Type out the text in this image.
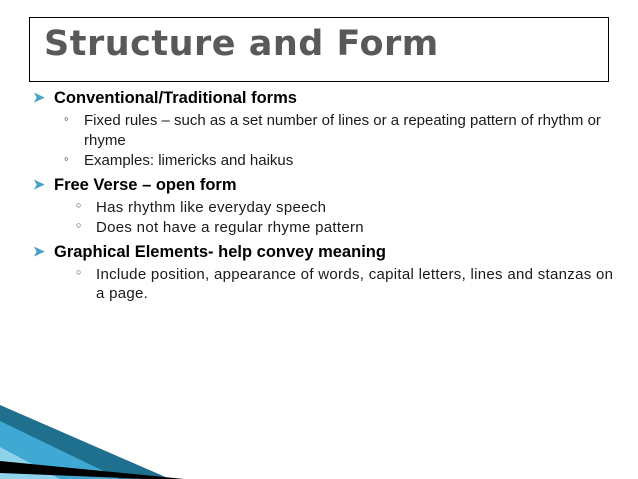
Structure and Form
➤ Conventional/Traditional forms
◦ Fixed rules – such as a set number of lines or a repeating pattern of rhythm or rhyme
◦ Examples: limericks and haikus
➤ Free Verse – open form
○ Has rhythm like everyday speech
○ Does not have a regular rhyme pattern
➤ Graphical Elements- help convey meaning
○ Include position, appearance of words, capital letters, lines and stanzas on a page.
